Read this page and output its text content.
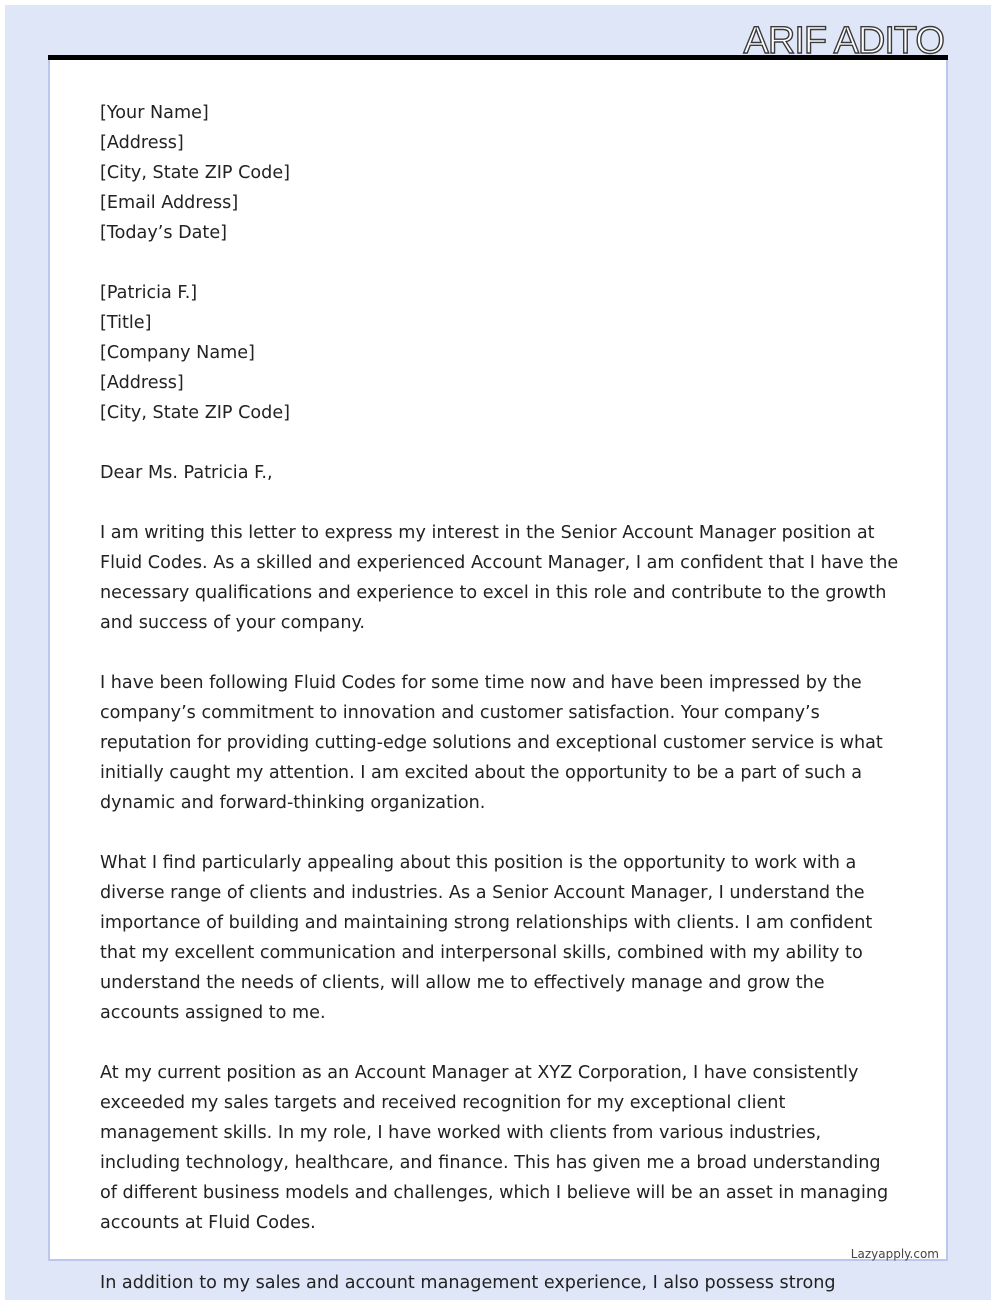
ARIF ADITO
Lazyapply.com
[Your Name]
[Address]
[City, State ZIP Code]
[Email Address]
[Today’s Date]
[Patricia F.]
[Title]
[Company Name]
[Address]
[City, State ZIP Code]
Dear Ms. Patricia F.,
I am writing this letter to express my interest in the Senior Account Manager position at
Fluid Codes. As a skilled and experienced Account Manager, I am confident that I have the
necessary qualifications and experience to excel in this role and contribute to the growth
and success of your company.
I have been following Fluid Codes for some time now and have been impressed by the
company’s commitment to innovation and customer satisfaction. Your company’s
reputation for providing cutting-edge solutions and exceptional customer service is what
initially caught my attention. I am excited about the opportunity to be a part of such a
dynamic and forward-thinking organization.
What I find particularly appealing about this position is the opportunity to work with a
diverse range of clients and industries. As a Senior Account Manager, I understand the
importance of building and maintaining strong relationships with clients. I am confident
that my excellent communication and interpersonal skills, combined with my ability to
understand the needs of clients, will allow me to effectively manage and grow the
accounts assigned to me.
At my current position as an Account Manager at XYZ Corporation, I have consistently
exceeded my sales targets and received recognition for my exceptional client
management skills. In my role, I have worked with clients from various industries,
including technology, healthcare, and finance. This has given me a broad understanding
of different business models and challenges, which I believe will be an asset in managing
accounts at Fluid Codes.
In addition to my sales and account management experience, I also possess strong
